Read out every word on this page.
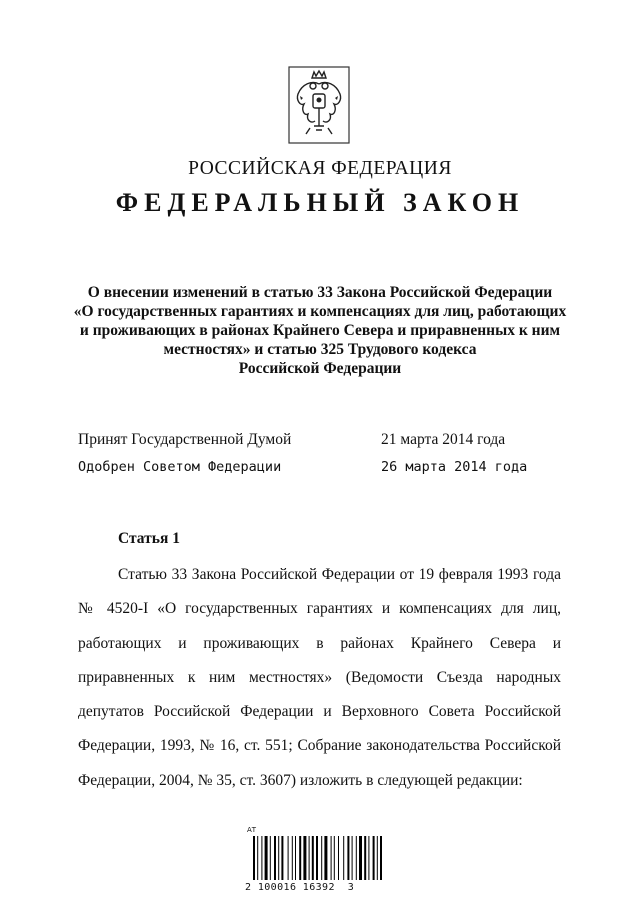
РОССИЙСКАЯ ФЕДЕРАЦИЯ
ФЕДЕРАЛЬНЫЙ ЗАКОН
О внесении изменений в статью 33 Закона Российской Федерации
«О государственных гарантиях и компенсациях для лиц, работающих
и проживающих в районах Крайнего Севера и приравненных к ним
местностях» и статью 325 Трудового кодекса
Российской Федерации
Принят Государственной Думой	21 марта 2014 года
Одобрен Советом Федерации	26 марта 2014 года
Статья 1

Статью 33 Закона Российской Федерации от 19 февраля 1993 года № 4520-I «О государственных гарантиях и компенсациях для лиц, работающих и проживающих в районах Крайнего Севера и приравненных к ним местностях» (Ведомости Съезда народных депутатов Российской Федерации и Верховного Совета Российской Федерации, 1993, № 16, ст. 551; Собрание законодательства Российской Федерации, 2004, № 35, ст. 3607) изложить в следующей редакции:

АТ
2 100016 16392  3
